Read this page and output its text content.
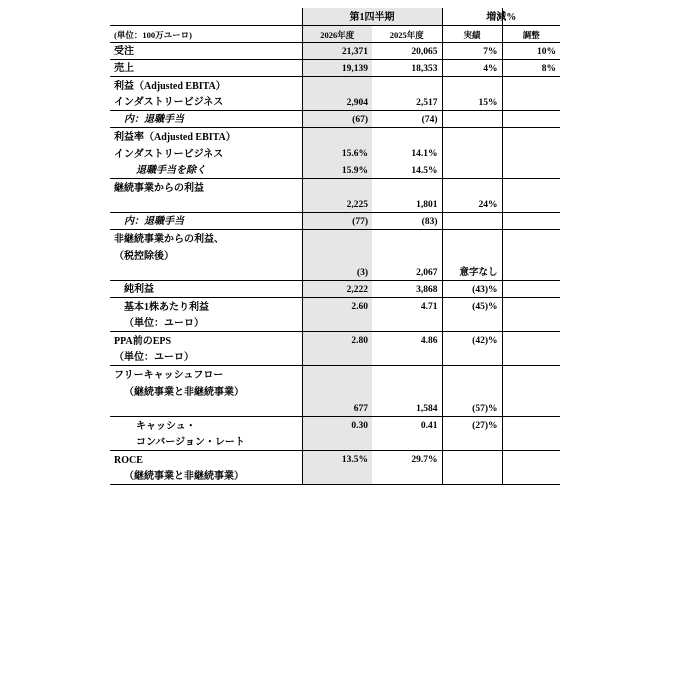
	第1四半期		増減%	
(単位：100万ユーロ)	2026年度	2025年度	実績	調整
受注	21,371	20,065	7%	10%
売上	19,139	18,353	4%	8%
利益（Adjusted EBITA）				
インダストリービジネス	2,904	2,517	15%	
内：退職手当	(67)	(74)		
利益率（Adjusted EBITA）				
インダストリービジネス	15.6%	14.1%		
退職手当を除く	15.9%	14.5%		
継続事業からの利益				
	2,225	1,801	24%	
内：退職手当	(77)	(83)		
非継続事業からの利益、				
（税控除後）				
	(3)	2,067	意字なし	
純利益	2,222	3,868	(43)%	
基本1株あたり利益	2.60	4.71	(45)%	
（単位：ユーロ）				
PPA前のEPS	2.80	4.86	(42)%	
（単位：ユーロ）				
フリーキャッシュフロー				
（継続事業と非継続事業）				
	677	1,584	(57)%	
キャッシュ・	0.30	0.41	(27)%	
コンバージョン・レート				
ROCE	13.5%	29.7%		
（継続事業と非継続事業）				
